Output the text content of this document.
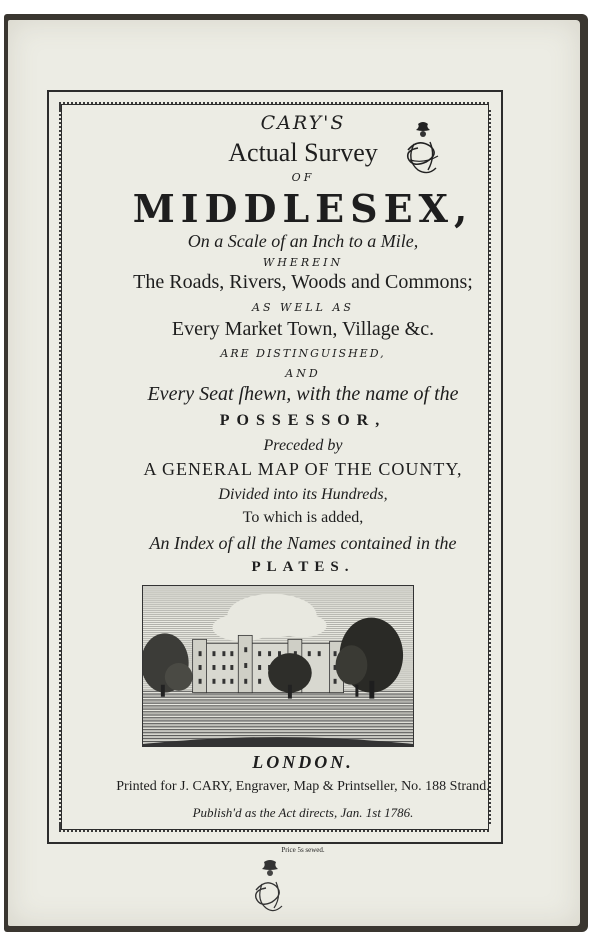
CARY'S
Actual Survey
OF
MIDDLESEX,
On a Scale of an Inch to a Mile,
WHEREIN
The Roads, Rivers, Woods and Commons;
AS WELL AS
Every Market Town, Village &c.
ARE DISTINGUISHED,
AND
Every Seat ſhewn, with the name of the
POSSESSOR,
Preceded by
A GENERAL MAP OF THE COUNTY,
Divided into its Hundreds,
To which is added,
An Index of all the Names contained in the
PLATES.
LONDON.
Printed for J. CARY, Engraver, Map & Printseller, No. 188 Strand.
Publish'd as the Act directs, Jan. 1st 1786.
Price 5s sewed.
